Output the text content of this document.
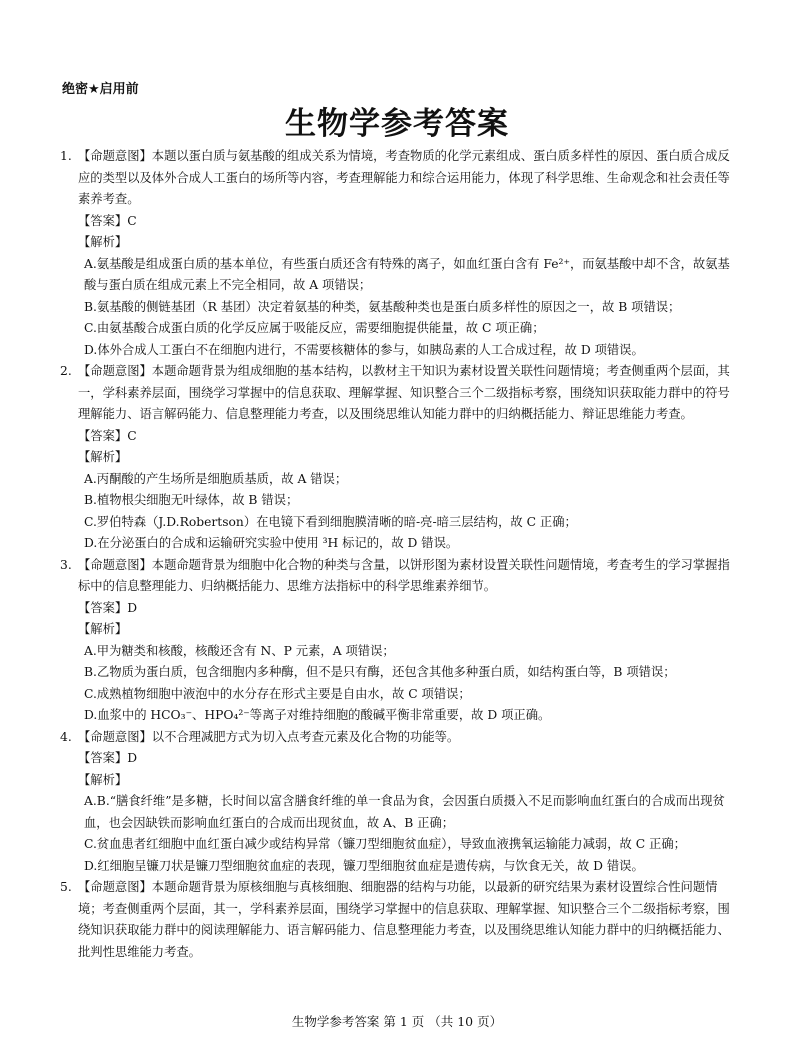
绝密★启用前
生物学参考答案

1. 【命题意图】本题以蛋白质与氨基酸的组成关系为情境，考查物质的化学元素组成、蛋白质多样性的原因、蛋白质合成反应的类型以及体外合成人工蛋白的场所等内容，考查理解能力和综合运用能力，体现了科学思维、生命观念和社会责任等素养考查。

【答案】C

【解析】

A.氨基酸是组成蛋白质的基本单位，有些蛋白质还含有特殊的离子，如血红蛋白含有 Fe²⁺，而氨基酸中却不含，故氨基酸与蛋白质在组成元素上不完全相同，故 A 项错误；

B.氨基酸的侧链基团（R 基团）决定着氨基的种类，氨基酸种类也是蛋白质多样性的原因之一，故 B 项错误；

C.由氨基酸合成蛋白质的化学反应属于吸能反应，需要细胞提供能量，故 C 项正确；

D.体外合成人工蛋白不在细胞内进行，不需要核糖体的参与，如胰岛素的人工合成过程，故 D 项错误。

2. 【命题意图】本题命题背景为组成细胞的基本结构，以教材主干知识为素材设置关联性问题情境；考查侧重两个层面，其一，学科素养层面，围绕学习掌握中的信息获取、理解掌握、知识整合三个二级指标考察，围绕知识获取能力群中的符号理解能力、语言解码能力、信息整理能力考查，以及围绕思维认知能力群中的归纳概括能力、辩证思维能力考查。

【答案】C

【解析】

A.丙酮酸的产生场所是细胞质基质，故 A 错误；

B.植物根尖细胞无叶绿体，故 B 错误；

C.罗伯特森（J.D.Robertson）在电镜下看到细胞膜清晰的暗-亮-暗三层结构，故 C 正确；

D.在分泌蛋白的合成和运输研究实验中使用 ³H 标记的，故 D 错误。

3. 【命题意图】本题命题背景为细胞中化合物的种类与含量，以饼形图为素材设置关联性问题情境，考查考生的学习掌握指标中的信息整理能力、归纳概括能力、思维方法指标中的科学思维素养细节。

【答案】D

【解析】

A.甲为糖类和核酸，核酸还含有 N、P 元素，A 项错误；

B.乙物质为蛋白质，包含细胞内多种酶，但不是只有酶，还包含其他多种蛋白质，如结构蛋白等，B 项错误；

C.成熟植物细胞中液泡中的水分存在形式主要是自由水，故 C 项错误；

D.血浆中的 HCO₃⁻、HPO₄²⁻等离子对维持细胞的酸碱平衡非常重要，故 D 项正确。

4. 【命题意图】以不合理减肥方式为切入点考查元素及化合物的功能等。

【答案】D

【解析】

A.B.“膳食纤维”是多糖，长时间以富含膳食纤维的单一食品为食，会因蛋白质摄入不足而影响血红蛋白的合成而出现贫血，也会因缺铁而影响血红蛋白的合成而出现贫血，故 A、B 正确；

C.贫血患者红细胞中血红蛋白减少或结构异常（镰刀型细胞贫血症），导致血液携氧运输能力减弱，故 C 正确；

D.红细胞呈镰刀状是镰刀型细胞贫血症的表现，镰刀型细胞贫血症是遗传病，与饮食无关，故 D 错误。

5. 【命题意图】本题命题背景为原核细胞与真核细胞、细胞器的结构与功能，以最新的研究结果为素材设置综合性问题情境；考查侧重两个层面，其一，学科素养层面，围绕学习掌握中的信息获取、理解掌握、知识整合三个二级指标考察，围绕知识获取能力群中的阅读理解能力、语言解码能力、信息整理能力考查，以及围绕思维认知能力群中的归纳概括能力、批判性思维能力考查。

生物学参考答案 第 1 页 （共 10 页）
